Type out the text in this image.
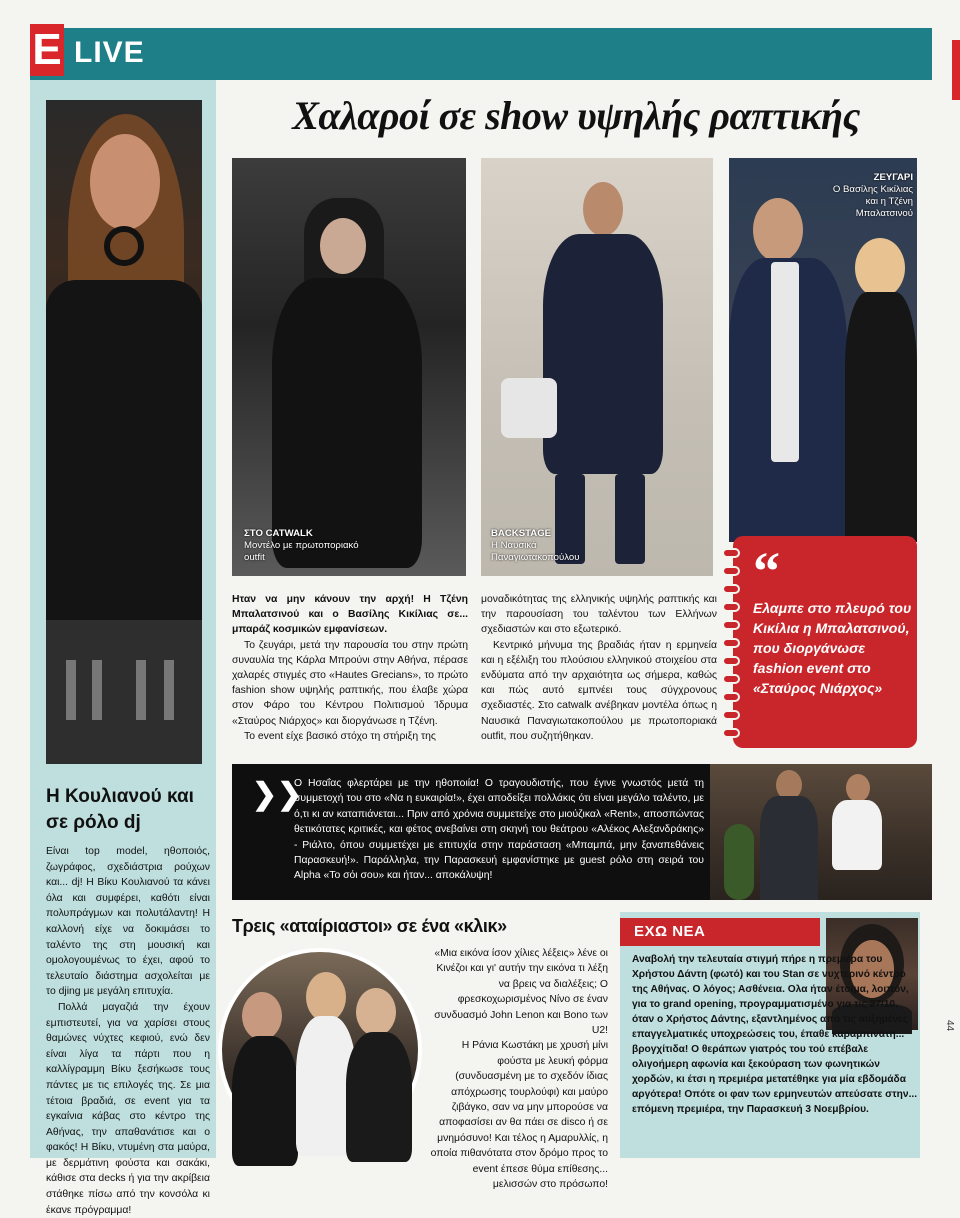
E LIVE
Η Κουλιανού και σε ρόλο dj
Είναι top model, ηθοποιός, ζωγράφος, σχεδιάστρια ρούχων και... dj! Η Βίκυ Κουλιανού τα κάνει όλα και συμφέρει, καθότι είναι πολυπράγμων και πολυτάλαντη! Η καλλονή είχε να δοκιμάσει το ταλέντο της στη μουσική και ομολογουμένως το έχει, αφού το τελευταίο διάστημα ασχολείται με το djing με μεγάλη επιτυχία.
Πολλά μαγαζιά την έχουν εμπιστευτεί, για να χαρίσει στους θαμώνες νύχτες κεφιού, ενώ δεν είναι λίγα τα πάρτι που η καλλίγραμμη Βίκυ ξεσήκωσε τους πάντες με τις επιλογές της. Σε μια τέτοια βραδιά, σε event για τα εγκαίνια κάβας στο κέντρο της Αθήνας, την απαθανάτισε και ο φακός! Η Βίκυ, ντυμένη στα μαύρα, με δερμάτινη φούστα και σακάκι, κάθισε στα decks ή για την ακρίβεια στάθηκε πίσω από την κονσόλα κι έκανε πρόγραμμα!
Χαλαροί σε show υψηλής ραπτικής
ΣΤΟ CATWALK
Μοντέλο με πρωτοποριακό outfit
BACKSTAGE
Η Ναυσικά Παναγιωτακοπούλου
ΖΕΥΓΑΡΙ
Ο Βασίλης Κικίλιας και η Τζένη Μπαλατσινού
“
Ελαμπε στο πλευρό του Κικίλια η Μπαλατσινού, που διοργάνωσε fashion event στο «Σταύρος Νιάρχος»
Ηταν να μην κάνουν την αρχή! Η Τζένη Μπαλατσινού και ο Βασίλης Κικίλιας σε... μπαράζ κοσμικών εμφανίσεων.

Το ζευγάρι, μετά την παρουσία του στην πρώτη συναυλία της Κάρλα Μπρούνι στην Αθήνα, πέρασε χαλαρές στιγμές στο «Hautes Grecians», το πρώτο fashion show υψηλής ραπτικής, που έλαβε χώρα στον Φάρο του Κέντρου Πολιτισμού Ίδρυμα «Σταύρος Νιάρχος» και διοργάνωσε η Τζένη.

Το event είχε βασικό στόχο τη στήριξη της

μοναδικότητας της ελληνικής υψηλής ραπτικής και την παρουσίαση του ταλέντου των Ελλήνων σχεδιαστών και στο εξωτερικό.

Κεντρικό μήνυμα της βραδιάς ήταν η ερμηνεία και η εξέλιξη του πλούσιου ελληνικού στοιχείου στα ενδύματα από την αρχαιότητα ως σήμερα, καθώς και πώς αυτό εμπνέει τους σύγχρονους σχεδιαστές. Στο catwalk ανέβηκαν μοντέλα όπως η Ναυσικά Παναγιωτακοπούλου με πρωτοποριακά outfit, που συζητήθηκαν.

❯❯
Ο Ησαΐας φλερτάρει με την ηθοποιία! Ο τραγουδιστής, που έγινε γνωστός μετά τη συμμετοχή του στο «Να η ευκαιρία!», έχει αποδείξει πολλάκις ότι είναι μεγάλο ταλέντο, με ό,τι κι αν καταπιάνεται... Πριν από χρόνια συμμετείχε στο μιούζικαλ «Rent», αποσπώντας θετικότατες κριτικές, και φέτος ανεβαίνει στη σκηνή του θεάτρου «Αλέκος Αλεξανδράκης» - Ριάλτο, όπου συμμετέχει με επιτυχία στην παράσταση «Μπαμπά, μην ξαναπεθάνεις Παρασκευή!». Παράλληλα, την Παρασκευή εμφανίστηκε με guest ρόλο στη σειρά του Alpha «Το σόι σου» και ήταν... αποκάλυψη!
Τρεις «αταίριαστοι» σε ένα «κλικ»

«Μια εικόνα ίσον χίλιες λέξεις» λένε οι Κινέζοι και γι' αυτήν την εικόνα τι λέξη να βρεις να διαλέξεις; Ο φρεσκοχωρισμένος Νίνο σε έναν συνδυασμό John Lenon και Bono των U2!

Η Ράνια Κωστάκη με χρυσή μίνι φούστα με λευκή φόρμα (συνδυασμένη με το σχεδόν ίδιας απόχρωσης τουρλούφι) και μαύρο ζιβάγκο, σαν να μην μπορούσε να αποφασίσει αν θα πάει σε disco ή σε μνημόσυνο! Και τέλος η Αμαρυλλίς, η οποία πιθανότατα στον δρόμο προς το event έπεσε θύμα επίθεσης... μελισσών στο πρόσωπο!

ΕΧΩ ΝΕΑ
Αναβολή την τελευταία στιγμή πήρε η πρεμιέρα του Χρήστου Δάντη (φωτό) και του Stan σε νυχτερινό κέντρο της Αθήνας. Ο λόγος; Ασθένεια. Ολα ήταν έτοιμα, λοιπόν, για το grand opening, προγραμματισμένο για τις 27/10, όταν ο Χρήστος Δάντης, εξαντλημένος από τις αυξημένες επαγγελματικές υποχρεώσεις του, έπαθε καραμπινάτη... βρογχίτιδα! Ο θεράπων γιατρός του τού επέβαλε ολιγοήμερη αφωνία και ξεκούραση των φωνητικών χορδών, κι έτσι η πρεμιέρα μετατέθηκε για μία εβδομάδα αργότερα! Οπότε οι φαν των ερμηνευτών απεύσατε στην... επόμενη πρεμιέρα, την Παρασκευή 3 Νοεμβρίου.
44
